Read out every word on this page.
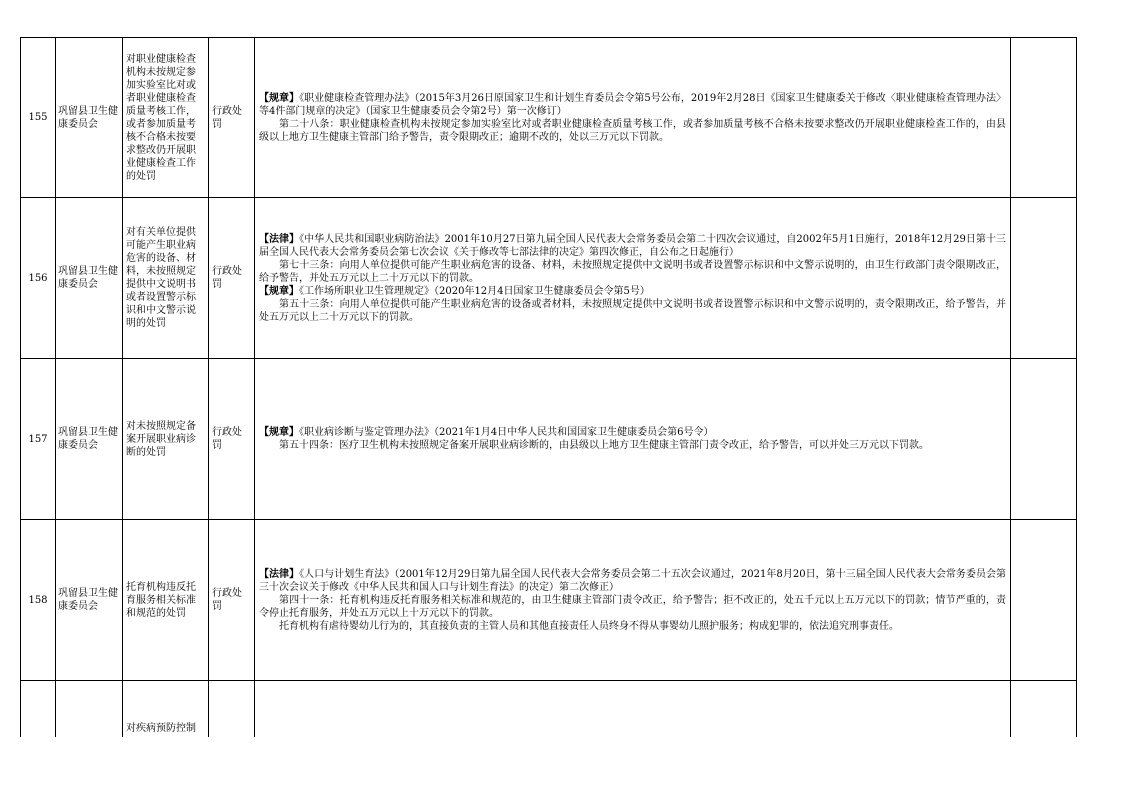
155	巩留县卫生健康委员会	对职业健康检查机构未按规定参加实验室比对或者职业健康检查质量考核工作，或者参加质量考核不合格未按要求整改仍开展职业健康检查工作的处罚	行政处罚	【规章】《职业健康检查管理办法》（2015年3月26日原国家卫生和计划生育委员会令第5号公布，2019年2月28日《国家卫生健康委关于修改〈职业健康检查管理办法〉等4件部门规章的决定》（国家卫生健康委员会令第2号）第一次修订）

第二十八条：职业健康检查机构未按规定参加实验室比对或者职业健康检查质量考核工作，或者参加质量考核不合格未按要求整改仍开展职业健康检查工作的，由县级以上地方卫生健康主管部门给予警告，责令限期改正；逾期不改的，处以三万元以下罚款。	

156	巩留县卫生健康委员会	对有关单位提供可能产生职业病危害的设备、材料，未按照规定提供中文说明书或者设置警示标识和中文警示说明的处罚	行政处罚	【法律】《中华人民共和国职业病防治法》2001年10月27日第九届全国人民代表大会常务委员会第二十四次会议通过，自2002年5月1日施行，2018年12月29日第十三届全国人民代表大会常务委员会第七次会议《关于修改等七部法律的决定》第四次修正，自公布之日起施行）

第七十三条：向用人单位提供可能产生职业病危害的设备、材料，未按照规定提供中文说明书或者设置警示标识和中文警示说明的，由卫生行政部门责令限期改正，给予警告，并处五万元以上二十万元以下的罚款。

【规章】《工作场所职业卫生管理规定》（2020年12月4日国家卫生健康委员会令第5号）

第五十三条：向用人单位提供可能产生职业病危害的设备或者材料，未按照规定提供中文说明书或者设置警示标识和中文警示说明的，责令限期改正，给予警告，并处五万元以上二十万元以下的罚款。	

157	巩留县卫生健康委员会	对未按照规定备案开展职业病诊断的处罚	行政处罚	【规章】《职业病诊断与鉴定管理办法》（2021年1月4日中华人民共和国国家卫生健康委员会第6号令）

第五十四条：医疗卫生机构未按照规定备案开展职业病诊断的，由县级以上地方卫生健康主管部门责令改正，给予警告，可以并处三万元以下罚款。	

158	巩留县卫生健康委员会	托育机构违反托育服务相关标准和规范的处罚	行政处罚	【法律】《人口与计划生育法》（2001年12月29日第九届全国人民代表大会常务委员会第二十五次会议通过，2021年8月20日，第十三届全国人民代表大会常务委员会第三十次会议关于修改《中华人民共和国人口与计划生育法》的决定）第二次修正）

第四十一条：托育机构违反托育服务相关标准和规范的，由卫生健康主管部门责令改正，给予警告；拒不改正的，处五千元以上五万元以下的罚款；情节严重的，责令停止托育服务，并处五万元以上十万元以下的罚款。

托育机构有虐待婴幼儿行为的，其直接负责的主管人员和其他直接责任人员终身不得从事婴幼儿照护服务；构成犯罪的，依法追究刑事责任。	

		对疾病预防控制			
